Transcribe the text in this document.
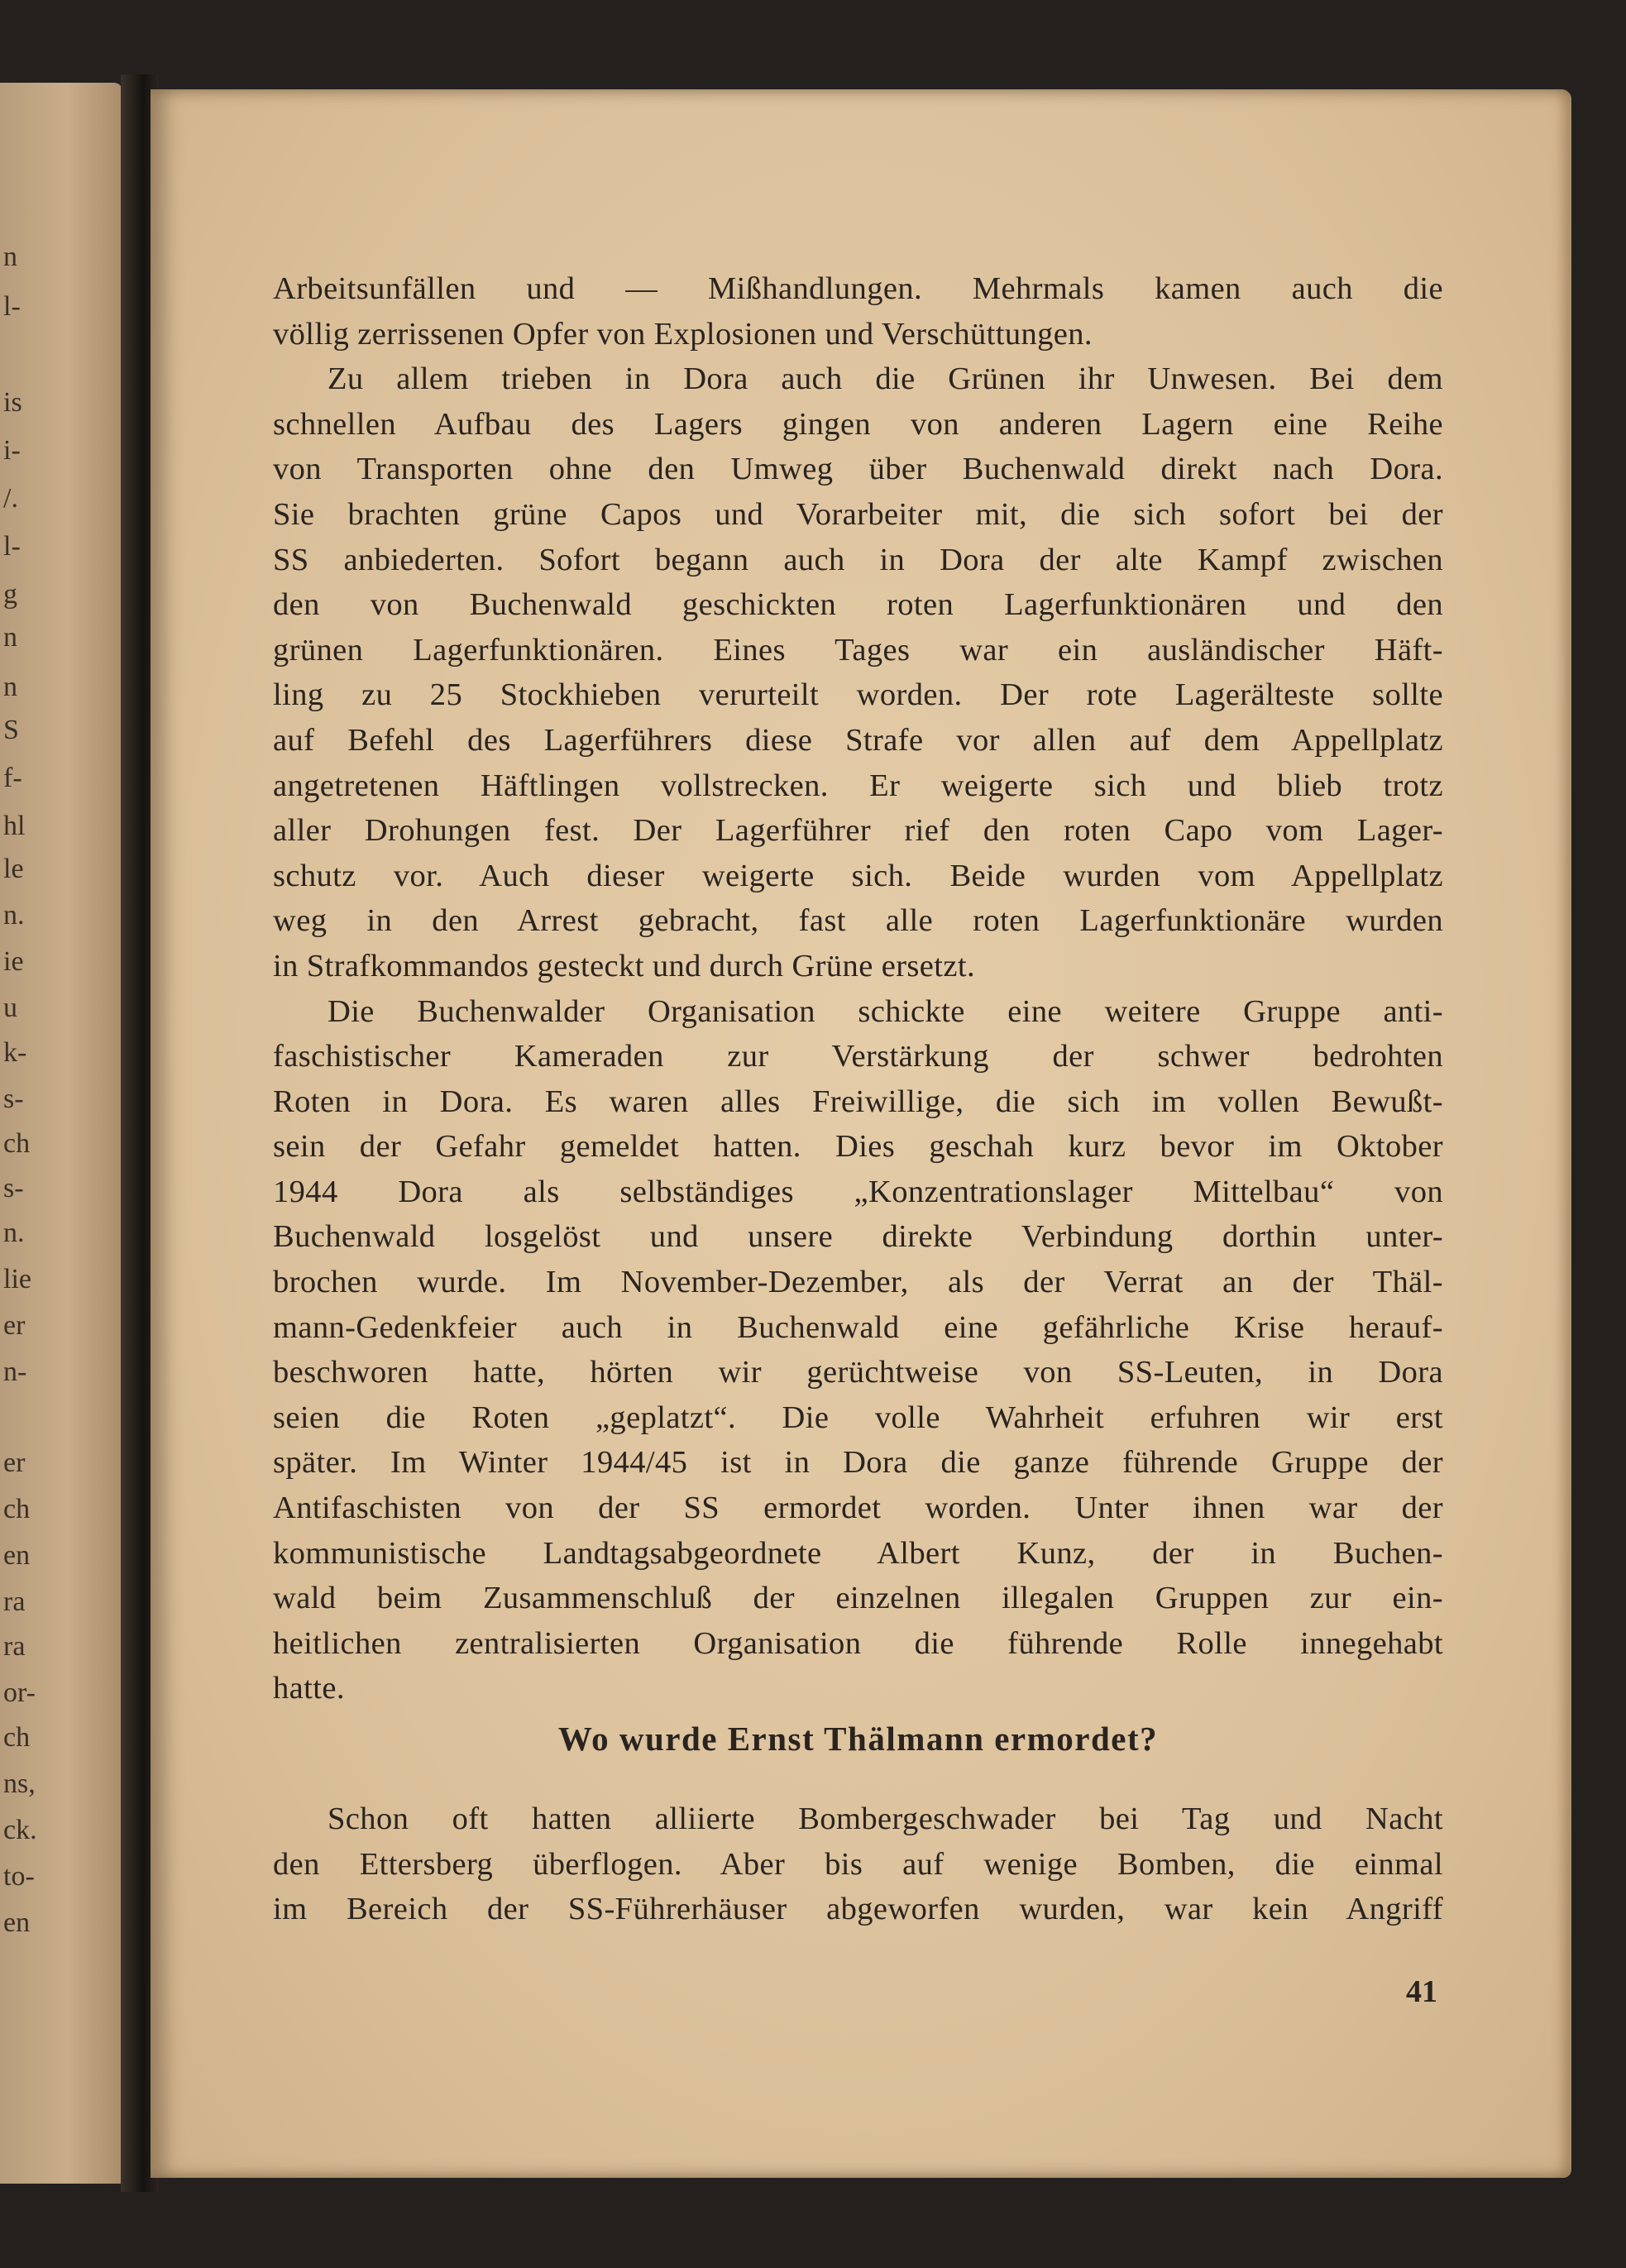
n
l-
is
i-
/.
l-
g
n
n
S
f-
hl
le
n.
ie
u
k-
s-
ch
s-
n.
lie
er
n-
er
ch
en
ra
ra
or-
ch
ns,
ck.
to-
en

Arbeitsunfällen und — Mißhandlungen. Mehrmals kamen auch die
völlig zerrissenen Opfer von Explosionen und Verschüttungen.

Zu allem trieben in Dora auch die Grünen ihr Unwesen. Bei dem
schnellen Aufbau des Lagers gingen von anderen Lagern eine Reihe
von Transporten ohne den Umweg über Buchenwald direkt nach Dora.
Sie brachten grüne Capos und Vorarbeiter mit, die sich sofort bei der
SS anbiederten. Sofort begann auch in Dora der alte Kampf zwischen
den von Buchenwald geschickten roten Lagerfunktionären und den
grünen Lagerfunktionären. Eines Tages war ein ausländischer Häft-
ling zu 25 Stockhieben verurteilt worden. Der rote Lagerälteste sollte
auf Befehl des Lagerführers diese Strafe vor allen auf dem Appellplatz
angetretenen Häftlingen vollstrecken. Er weigerte sich und blieb trotz
aller Drohungen fest. Der Lagerführer rief den roten Capo vom Lager-
schutz vor. Auch dieser weigerte sich. Beide wurden vom Appellplatz
weg in den Arrest gebracht, fast alle roten Lagerfunktionäre wurden
in Strafkommandos gesteckt und durch Grüne ersetzt.

Die Buchenwalder Organisation schickte eine weitere Gruppe anti-
faschistischer Kameraden zur Verstärkung der schwer bedrohten
Roten in Dora. Es waren alles Freiwillige, die sich im vollen Bewußt-
sein der Gefahr gemeldet hatten. Dies geschah kurz bevor im Oktober
1944 Dora als selbständiges „Konzentrationslager Mittelbau“ von
Buchenwald losgelöst und unsere direkte Verbindung dorthin unter-
brochen wurde. Im November-Dezember, als der Verrat an der Thäl-
mann-Gedenkfeier auch in Buchenwald eine gefährliche Krise herauf-
beschworen hatte, hörten wir gerüchtweise von SS-Leuten, in Dora
seien die Roten „geplatzt“. Die volle Wahrheit erfuhren wir erst
später. Im Winter 1944/45 ist in Dora die ganze führende Gruppe der
Antifaschisten von der SS ermordet worden. Unter ihnen war der
kommunistische Landtagsabgeordnete Albert Kunz, der in Buchen-
wald beim Zusammenschluß der einzelnen illegalen Gruppen zur ein-
heitlichen zentralisierten Organisation die führende Rolle innegehabt
hatte.

Wo wurde Ernst Thälmann ermordet?

Schon oft hatten alliierte Bombergeschwader bei Tag und Nacht
den Ettersberg überflogen. Aber bis auf wenige Bomben, die einmal
im Bereich der SS-Führerhäuser abgeworfen wurden, war kein Angriff

41
